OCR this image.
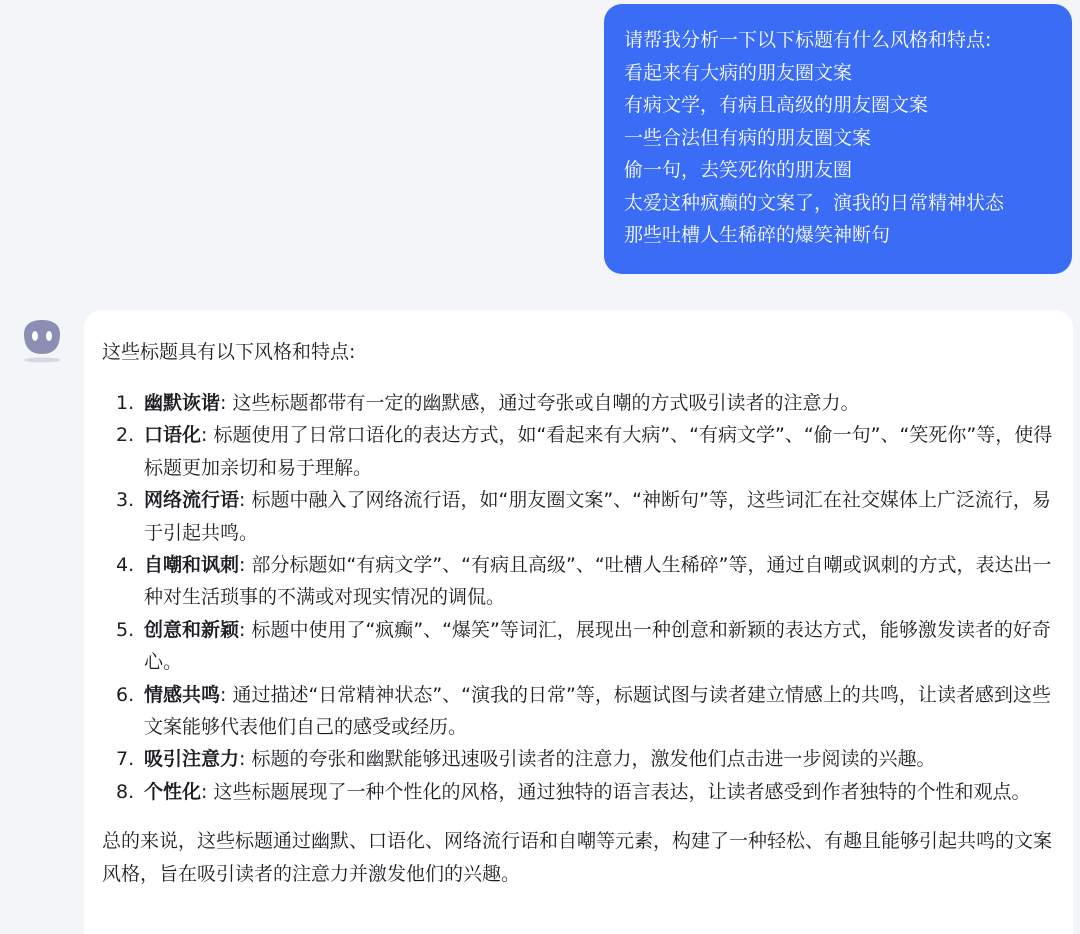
请帮我分析一下以下标题有什么风格和特点:
看起来有大病的朋友圈文案
有病文学，有病且高级的朋友圈文案
一些合法但有病的朋友圈文案
偷一句，去笑死你的朋友圈
太爱这种疯癫的文案了，演我的日常精神状态
那些吐槽人生稀碎的爆笑神断句

这些标题具有以下风格和特点:

1. 幽默诙谐: 这些标题都带有一定的幽默感，通过夸张或自嘲的方式吸引读者的注意力。
2. 口语化: 标题使用了日常口语化的表达方式，如“看起来有大病”、“有病文学”、“偷一句”、“笑死你”等，使得标题更加亲切和易于理解。
3. 网络流行语: 标题中融入了网络流行语，如“朋友圈文案”、“神断句”等，这些词汇在社交媒体上广泛流行，易于引起共鸣。
4. 自嘲和讽刺: 部分标题如“有病文学”、“有病且高级”、“吐槽人生稀碎”等，通过自嘲或讽刺的方式，表达出一种对生活琐事的不满或对现实情况的调侃。
5. 创意和新颖: 标题中使用了“疯癫”、“爆笑”等词汇，展现出一种创意和新颖的表达方式，能够激发读者的好奇心。
6. 情感共鸣: 通过描述“日常精神状态”、“演我的日常”等，标题试图与读者建立情感上的共鸣，让读者感到这些文案能够代表他们自己的感受或经历。
7. 吸引注意力: 标题的夸张和幽默能够迅速吸引读者的注意力，激发他们点击进一步阅读的兴趣。
8. 个性化: 这些标题展现了一种个性化的风格，通过独特的语言表达，让读者感受到作者独特的个性和观点。

总的来说，这些标题通过幽默、口语化、网络流行语和自嘲等元素，构建了一种轻松、有趣且能够引起共鸣的文案风格，旨在吸引读者的注意力并激发他们的兴趣。
